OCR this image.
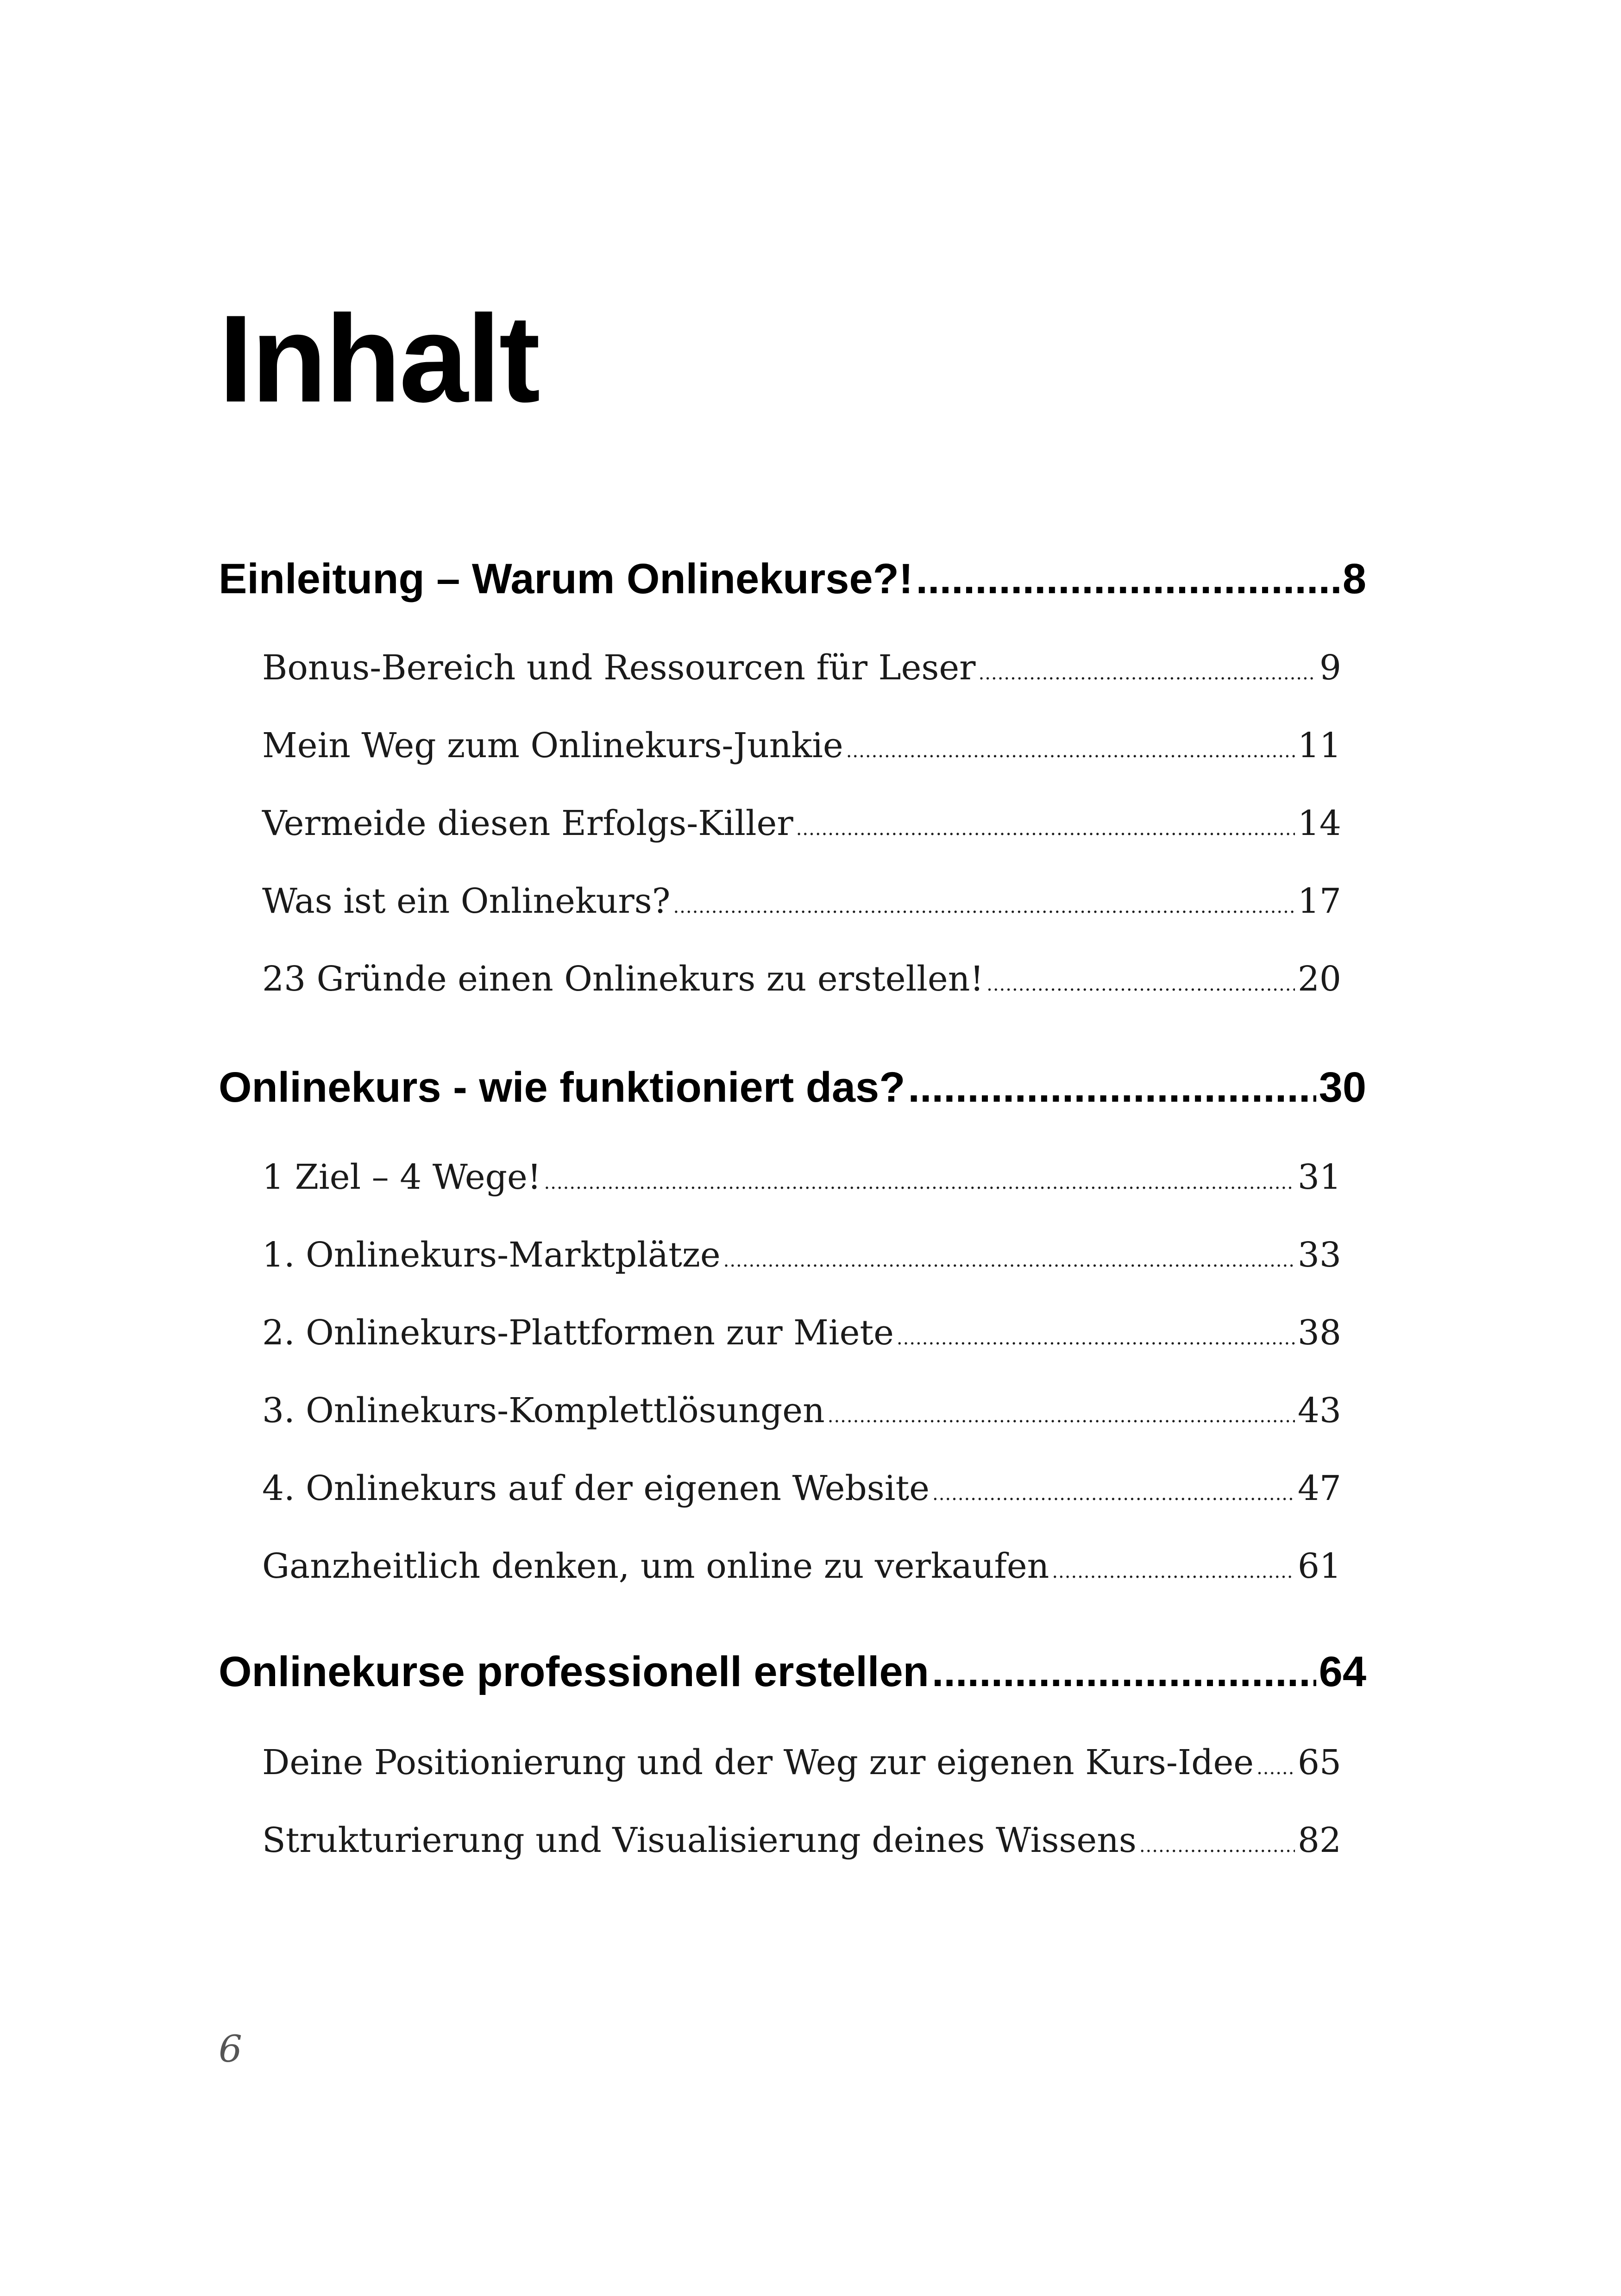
Inhalt
Einleitung – Warum Onlinekurse?! .....	8
Bonus-Bereich und Ressourcen für Leser .....	9
Mein Weg zum Onlinekurs-Junkie .....	11
Vermeide diesen Erfolgs-Killer .....	14
Was ist ein Onlinekurs? .....	17
23 Gründe einen Onlinekurs zu erstellen! .....	20
Onlinekurs - wie funktioniert das? .....	30
1 Ziel – 4 Wege! .....	31
1. Onlinekurs-Marktplätze .....	33
2. Onlinekurs-Plattformen zur Miete .....	38
3. Onlinekurs-Komplettlösungen .....	43
4. Onlinekurs auf der eigenen Website .....	47
Ganzheitlich denken, um online zu verkaufen .....	61
Onlinekurse professionell erstellen .....	64
Deine Positionierung und der Weg zur eigenen Kurs-Idee ..... 65
Strukturierung und Visualisierung deines Wissens .....	82
6
